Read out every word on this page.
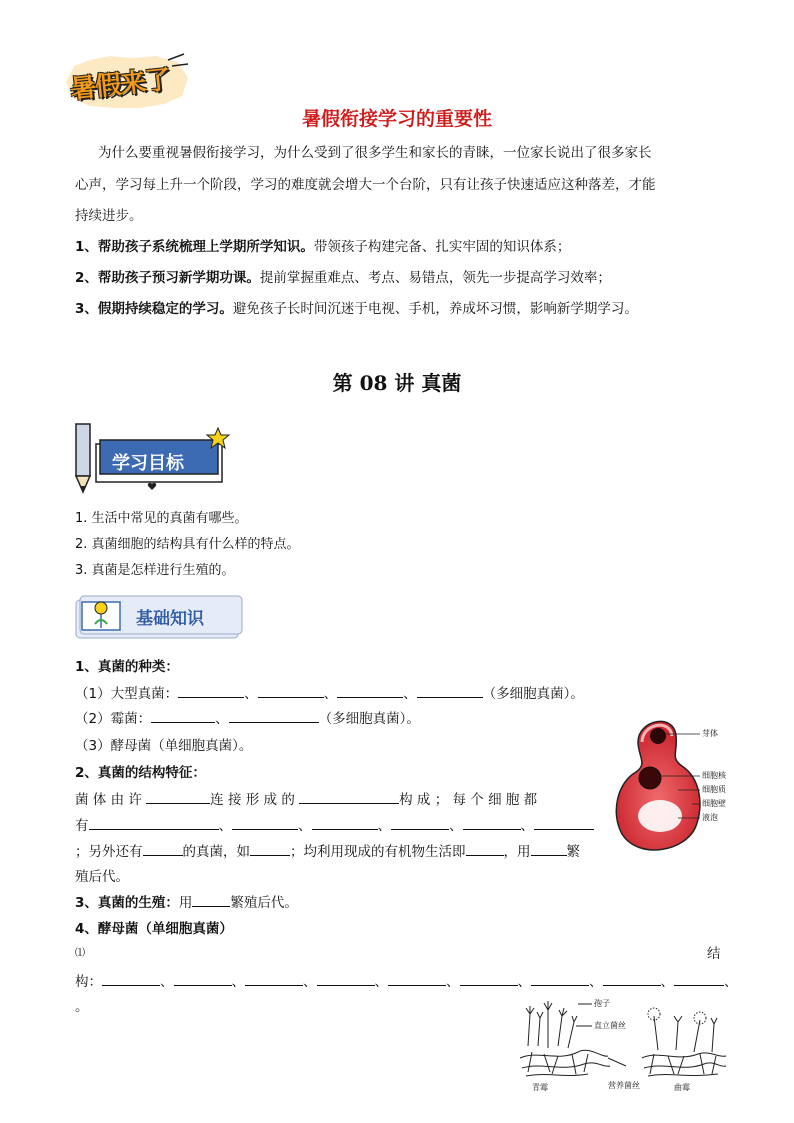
暑假来了
暑假衔接学习的重要性
为什么要重视暑假衔接学习，为什么受到了很多学生和家长的青睐，一位家长说出了很多家长
心声，学习每上升一个阶段，学习的难度就会增大一个台阶，只有让孩子快速适应这种落差，才能
持续进步。
1、帮助孩子系统梳理上学期所学知识。带领孩子构建完备、扎实牢固的知识体系；
2、帮助孩子预习新学期功课。提前掌握重难点、考点、易错点，领先一步提高学习效率；
3、假期持续稳定的学习。避免孩子长时间沉迷于电视、手机，养成坏习惯，影响新学期学习。
第 08 讲 真菌
学习目标
1. 生活中常见的真菌有哪些。
2. 真菌细胞的结构具有什么样的特点。
3. 真菌是怎样进行生殖的。
基础知识
1、真菌的种类：
（1）大型真菌：	、	、	、	（多细胞真菌）。
（2）霉菌：	、	（多细胞真菌）。
（3）酵母菌（单细胞真菌）。
2、真菌的结构特征：
菌 体 由 许	连 接 形 成 的	构 成 ； 每 个 细 胞 都
有	、	、	、	、	、
；另外还有	的真菌，如	；均利用现成的有机物生活即	，用	繁
殖后代。
3、真菌的生殖：用	繁殖后代。
4、酵母菌（单细胞真菌）
⑴	结
构：	、	、	、	、	、	、	、	、	、
。
芽体
细胞核
细胞质
细胞壁
液泡
孢子
直立菌丝
营养菌丝
青霉	曲霉
